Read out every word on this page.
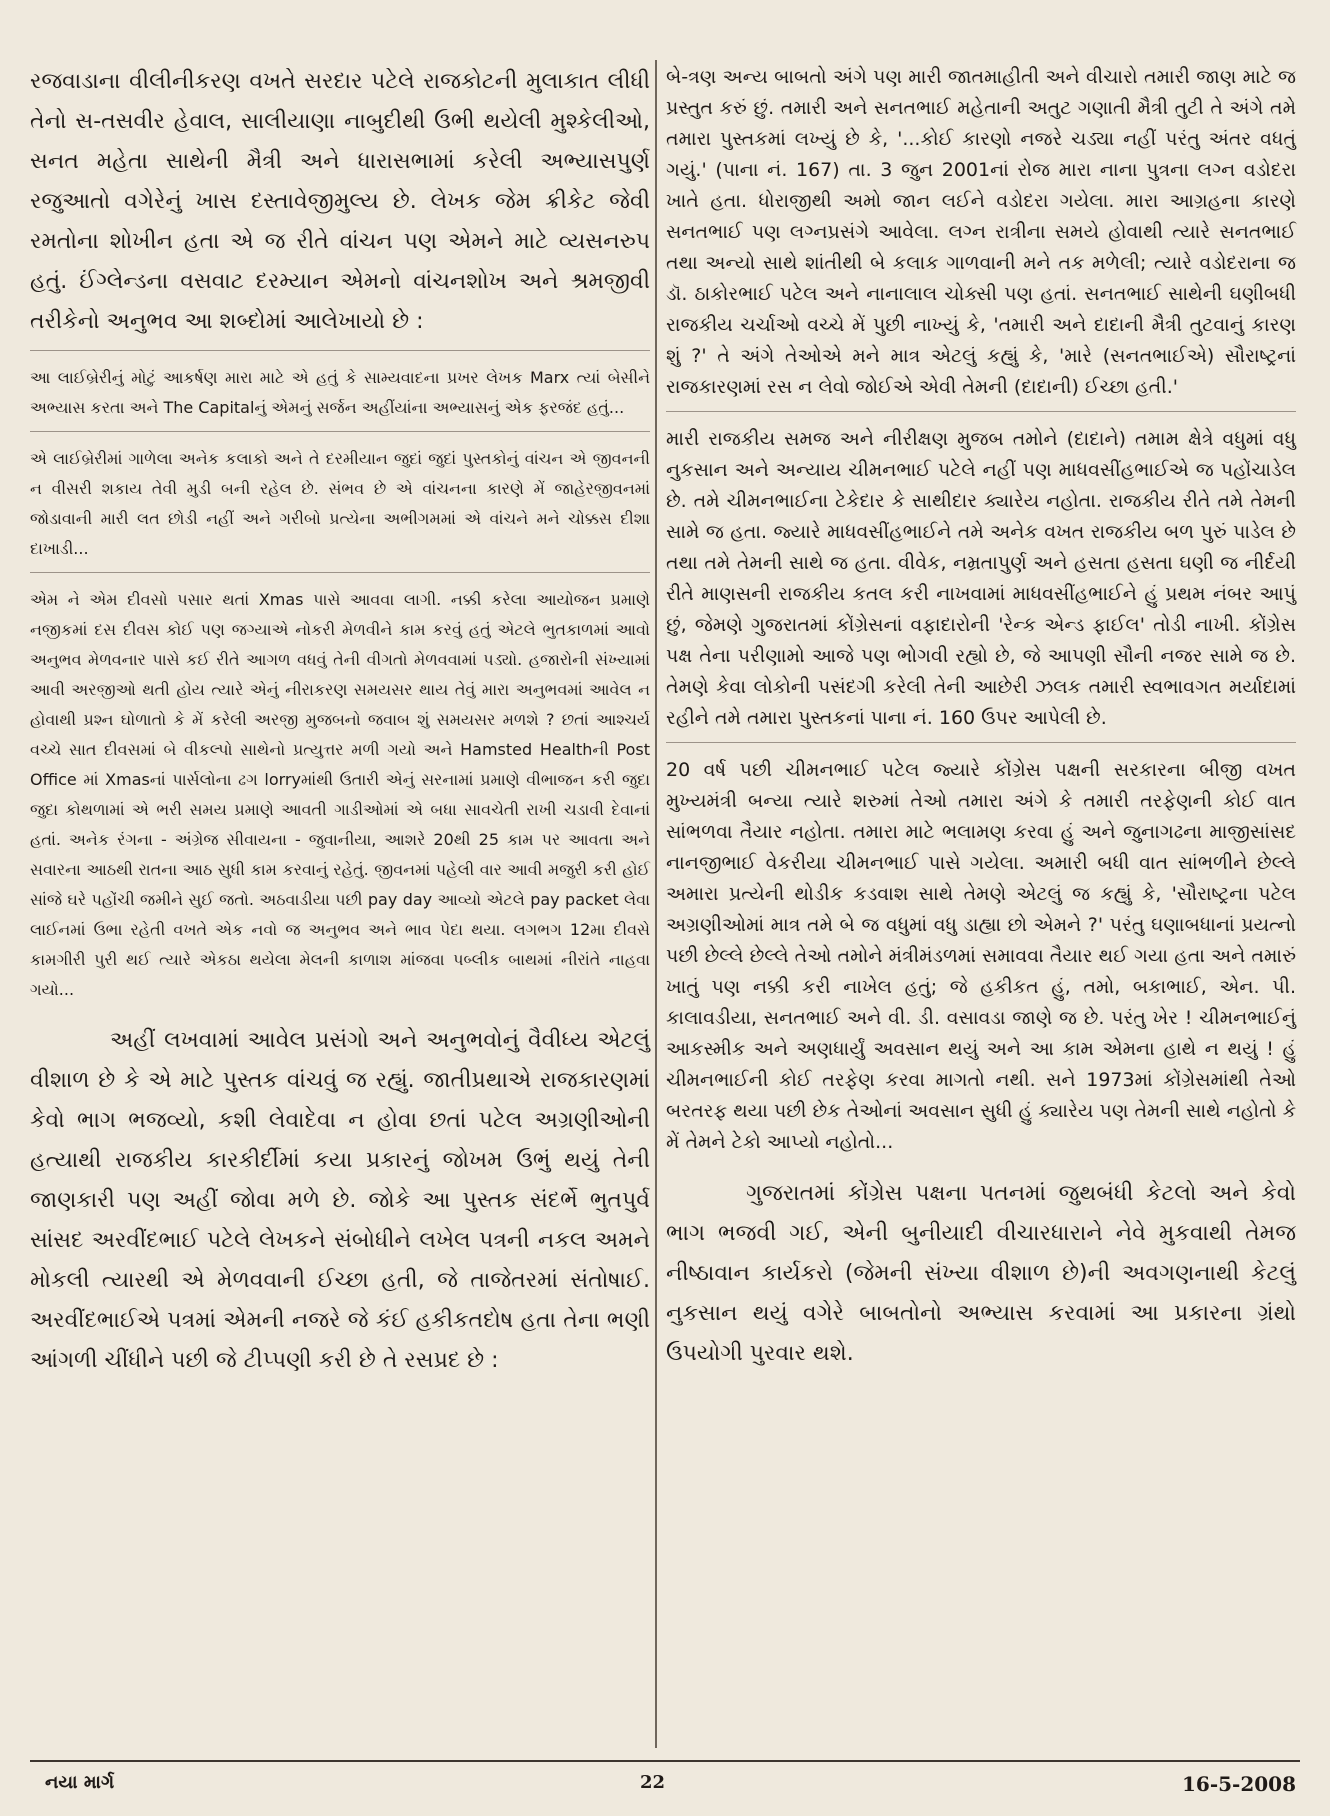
રજવાડાના વીલીનીકરણ વખતે સરદાર પટેલે રાજકોટની મુલાકાત લીધી તેનો સ-તસવીર હેવાલ, સાલીયાણા નાબુદીથી ઉભી થયેલી મુશ્કેલીઓ, સનત મહેતા સાથેની મૈત્રી અને ધારાસભામાં કરેલી અભ્યાસપુર્ણ રજુઆતો વગેરેનું ખાસ દસ્તાવેજીમુલ્ય છે. લેખક જેમ ક્રીકેટ જેવી રમતોના શોખીન હતા એ જ રીતે વાંચન પણ એમને માટે વ્યસનરુપ હતું. ઈંગ્લેન્ડના વસવાટ દરમ્યાન એમનો વાંચનશોખ અને શ્રમજીવી તરીકેનો અનુભવ આ શબ્દોમાં આલેખાયો છે :

આ લાઈબ્રેરીનું મોટું આકર્ષણ મારા માટે એ હતું કે સામ્યવાદના પ્રખર લેખક Marx ત્યાં બેસીને અભ્યાસ કરતા અને The Capitalનું એમનું સર્જન અહીંયાંના અભ્યાસનું એક ફરજંદ હતું...

એ લાઈબ્રેરીમાં ગાળેલા અનેક કલાકો અને તે દરમીયાન જુદાં જુદાં પુસ્તકોનું વાંચન એ જીવનની ન વીસરી શકાય તેવી મુડી બની રહેલ છે. સંભવ છે એ વાંચનના કારણે મેં જાહેરજીવનમાં જોડાવાની મારી લત છોડી નહીં અને ગરીબો પ્રત્યેના અભીગમમાં એ વાંચને મને ચોક્કસ દીશા દાખાડી...

એમ ને એમ દીવસો પસાર થતાં Xmas પાસે આવવા લાગી. નક્કી કરેલા આયોજન પ્રમાણે નજીકમાં દસ દીવસ કોઈ પણ જગ્યાએ નોકરી મેળવીને કામ કરવું હતું એટલે ભુતકાળમાં આવો અનુભવ મેળવનાર પાસે કઈ રીતે આગળ વધવું તેની વીગતો મેળવવામાં પડ્યો. હજારોની સંખ્યામાં આવી અરજીઓ થતી હોય ત્યારે એનું નીરાકરણ સમયસર થાય તેવું મારા અનુભવમાં આવેલ ન હોવાથી પ્રશ્ન ઘોળાતો કે મેં કરેલી અરજી મુજબનો જવાબ શું સમયસર મળશે ? છતાં આશ્ચર્ય વચ્ચે સાત દીવસમાં બે વીકલ્પો સાથેનો પ્રત્યુત્તર મળી ગયો અને Hamsted Healthની Post Office માં Xmasનાં પાર્સલોના ઢગ lorryમાંથી ઉતારી એનું સરનામાં પ્રમાણે વીભાજન કરી જુદા જુદા કોથળામાં એ ભરી સમય પ્રમાણે આવતી ગાડીઓમાં એ બધા સાવચેતી રાખી ચડાવી દેવાનાં હતાં. અનેક રંગના - અંગ્રેજ સીવાયના - જુવાનીયા, આશરે 20થી 25 કામ પર આવતા અને સવારના આઠથી રાતના આઠ સુધી કામ કરવાનું રહેતું. જીવનમાં પહેલી વાર આવી મજુરી કરી હોઈ સાંજે ઘરે પહોંચી જમીને સુઈ જતો. અઠવાડીયા પછી pay day આવ્યો એટલે pay packet લેવા લાઈનમાં ઉભા રહેતી વખતે એક નવો જ અનુભવ અને ભાવ પેદા થયા. લગભગ 12મા દીવસે કામગીરી પુરી થઈ ત્યારે એકઠા થયેલા મેલની કાળાશ માંજવા પબ્લીક બાથમાં નીરાંતે નાહવા ગયો...

અહીં લખવામાં આવેલ પ્રસંગો અને અનુભવોનું વૈવીધ્ય એટલું વીશાળ છે કે એ માટે પુસ્તક વાંચવું જ રહ્યું. જાતીપ્રથાએ રાજકારણમાં કેવો ભાગ ભજવ્યો, કશી લેવાદેવા ન હોવા છતાં પટેલ અગ્રણીઓની હત્યાથી રાજકીય કારકીર્દીમાં કયા પ્રકારનું જોખમ ઉભું થયું તેની જાણકારી પણ અહીં જોવા મળે છે. જોકે આ પુસ્તક સંદર્ભે ભુતપુર્વ સાંસદ અરવીંદભાઈ પટેલે લેખકને સંબોધીને લખેલ પત્રની નકલ અમને મોકલી ત્યારથી એ મેળવવાની ઈચ્છા હતી, જે તાજેતરમાં સંતોષાઈ. અરવીંદભાઈએ પત્રમાં એમની નજરે જે કંઈ હકીકતદોષ હતા તેના ભણી આંગળી ચીંધીને પછી જે ટીપ્પણી કરી છે તે રસપ્રદ છે :

બે-ત્રણ અન્ય બાબતો અંગે પણ મારી જાતમાહીતી અને વીચારો તમારી જાણ માટે જ પ્રસ્તુત કરું છું. તમારી અને સનતભાઈ મહેતાની અતુટ ગણાતી મૈત્રી તુટી તે અંગે તમે તમારા પુસ્તકમાં લખ્યું છે કે, '...કોઈ કારણો નજરે ચડ્યા નહીં પરંતુ અંતર વધતું ગયું.' (પાના નં. 167) તા. 3 જુન 2001નાં રોજ મારા નાના પુત્રના લગ્ન વડોદરા ખાતે હતા. ધોરાજીથી અમો જાન લઈને વડોદરા ગયેલા. મારા આગ્રહના કારણે સનતભાઈ પણ લગ્નપ્રસંગે આવેલા. લગ્ન રાત્રીના સમયે હોવાથી ત્યારે સનતભાઈ તથા અન્યો સાથે શાંતીથી બે કલાક ગાળવાની મને તક મળેલી; ત્યારે વડોદરાના જ ડૉ. ઠાકોરભાઈ પટેલ અને નાનાલાલ ચોક્સી પણ હતાં. સનતભાઈ સાથેની ઘણીબધી રાજકીય ચર્ચાઓ વચ્ચે મેં પુછી નાખ્યું કે, 'તમારી અને દાદાની મૈત્રી તુટવાનું કારણ શું ?' તે અંગે તેઓએ મને માત્ર એટલું કહ્યું કે, 'મારે (સનતભાઈએ) સૌરાષ્ટ્રનાં રાજકારણમાં રસ ન લેવો જોઈએ એવી તેમની (દાદાની) ઈચ્છા હતી.'

મારી રાજકીય સમજ અને નીરીક્ષણ મુજબ તમોને (દાદાને) તમામ ક્ષેત્રે વધુમાં વધુ નુકસાન અને અન્યાય ચીમનભાઈ પટેલે નહીં પણ માધવસીંહભાઈએ જ પહોંચાડેલ છે. તમે ચીમનભાઈના ટેકેદાર કે સાથીદાર ક્યારેય નહોતા. રાજકીય રીતે તમે તેમની સામે જ હતા. જ્યારે માધવસીંહભાઈને તમે અનેક વખત રાજકીય બળ પુરું પાડેલ છે તથા તમે તેમની સાથે જ હતા. વીવેક, નમ્રતાપુર્ણ અને હસતા હસતા ઘણી જ નીર્દયી રીતે માણસની રાજકીય કતલ કરી નાખવામાં માધવસીંહભાઈને હું પ્રથમ નંબર આપું છું, જેમણે ગુજરાતમાં કોંગ્રેસનાં વફાદારોની 'રેન્ક એન્ડ ફાઈલ' તોડી નાખી. કોંગ્રેસ પક્ષ તેના પરીણામો આજે પણ ભોગવી રહ્યો છે, જે આપણી સૌની નજર સામે જ છે. તેમણે કેવા લોકોની પસંદગી કરેલી તેની આછેરી ઝલક તમારી સ્વભાવગત મર્યાદામાં રહીને તમે તમારા પુસ્તકનાં પાના નં. 160 ઉપર આપેલી છે.

20 વર્ષ પછી ચીમનભાઈ પટેલ જ્યારે કોંગ્રેસ પક્ષની સરકારના બીજી વખત મુખ્યમંત્રી બન્યા ત્યારે શરુમાં તેઓ તમારા અંગે કે તમારી તરફેણની કોઈ વાત સાંભળવા તૈયાર નહોતા. તમારા માટે ભલામણ કરવા હું અને જુનાગઢના માજીસાંસદ નાનજીભાઈ વેકરીયા ચીમનભાઈ પાસે ગયેલા. અમારી બધી વાત સાંભળીને છેલ્લે અમારા પ્રત્યેની થોડીક કડવાશ સાથે તેમણે એટલું જ કહ્યું કે, 'સૌરાષ્ટ્રના પટેલ અગ્રણીઓમાં માત્ર તમે બે જ વધુમાં વધુ ડાહ્યા છો એમને ?' પરંતુ ઘણાબધાનાં પ્રયત્નો પછી છેલ્લે છેલ્લે તેઓ તમોને મંત્રીમંડળમાં સમાવવા તૈયાર થઈ ગયા હતા અને તમારું ખાતું પણ નક્કી કરી નાખેલ હતું; જે હકીકત હું, તમો, બકાભાઈ, એન. પી. કાલાવડીયા, સનતભાઈ અને વી. ડી. વસાવડા જાણે જ છે. પરંતુ ખેર ! ચીમનભાઈનું આકસ્મીક અને અણધાર્યું અવસાન થયું અને આ કામ એમના હાથે ન થયું ! હું ચીમનભાઈની કોઈ તરફેણ કરવા માગતો નથી. સને 1973માં કોંગ્રેસમાંથી તેઓ બરતરફ થયા પછી છેક તેઓનાં અવસાન સુધી હું ક્યારેય પણ તેમની સાથે નહોતો કે મેં તેમને ટેકો આપ્યો નહોતો...

ગુજરાતમાં કોંગ્રેસ પક્ષના પતનમાં જુથબંધી કેટલો અને કેવો ભાગ ભજવી ગઈ, એની બુનીયાદી વીચારધારાને નેવે મુકવાથી તેમજ નીષ્ઠાવાન કાર્યકરો (જેમની સંખ્યા વીશાળ છે)ની અવગણનાથી કેટલું નુકસાન થયું વગેરે બાબતોનો અભ્યાસ કરવામાં આ પ્રકારના ગ્રંથો ઉપયોગી પુરવાર થશે.

નયા માર્ગ	22	16-5-2008
